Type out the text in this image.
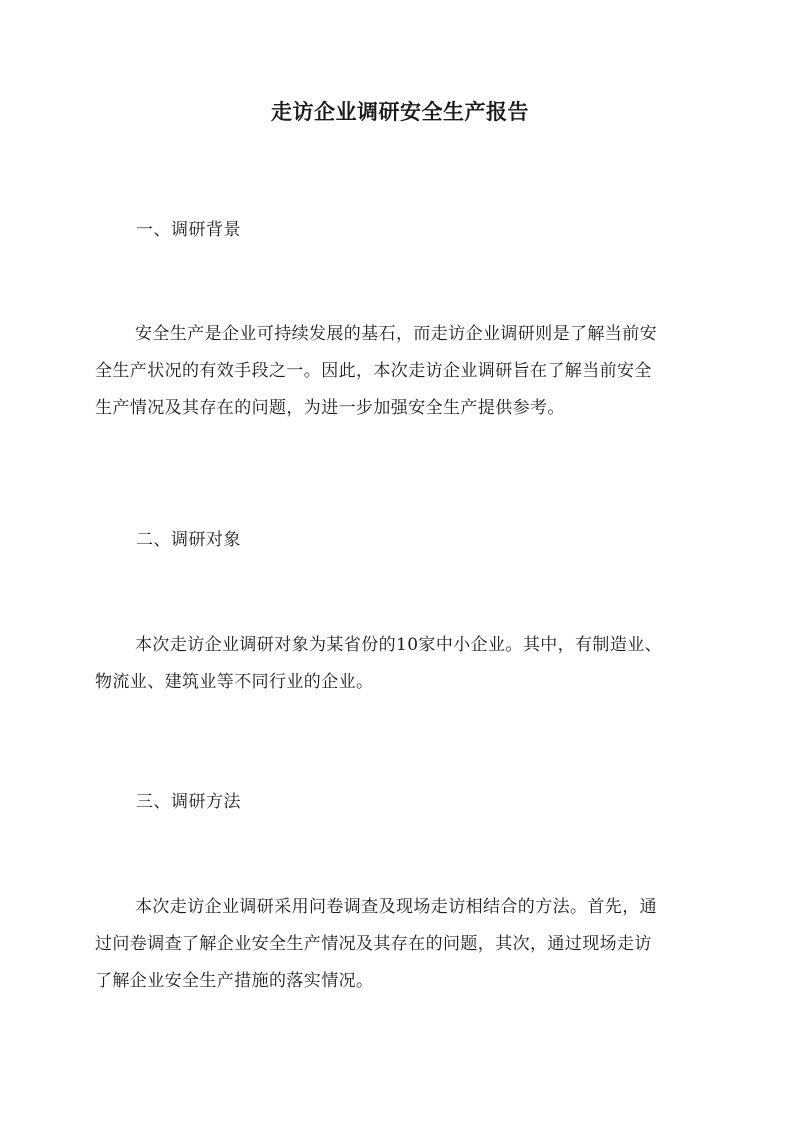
走访企业调研安全生产报告
一、调研背景
安全生产是企业可持续发展的基石，而走访企业调研则是了解当前安
全生产状况的有效手段之一。因此，本次走访企业调研旨在了解当前安全
生产情况及其存在的问题，为进一步加强安全生产提供参考。
二、调研对象
本次走访企业调研对象为某省份的10家中小企业。其中，有制造业、
物流业、建筑业等不同行业的企业。
三、调研方法
本次走访企业调研采用问卷调查及现场走访相结合的方法。首先，通
过问卷调查了解企业安全生产情况及其存在的问题，其次，通过现场走访
了解企业安全生产措施的落实情况。
